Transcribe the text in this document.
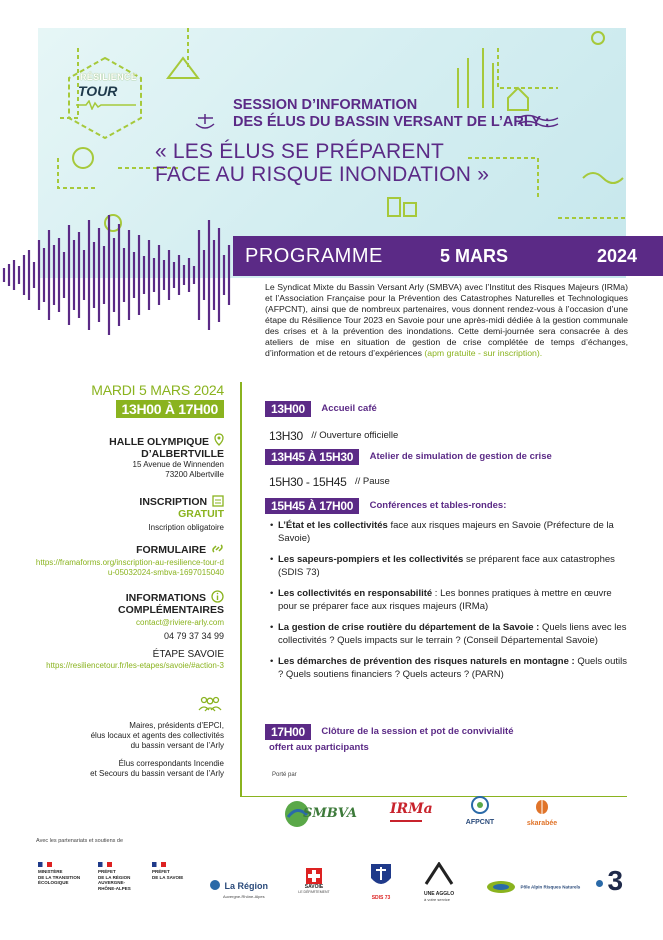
RÉSILIENCE
TOUR
SESSION D’INFORMATION
DES ÉLUS DU BASSIN VERSANT DE L’ARLY :
« LES ÉLUS SE PRÉPARENT
FACE AU RISQUE INONDATION »
PROGRAMME	5 MARS	2024
Le Syndicat Mixte du Bassin Versant Arly (SMBVA) avec l’Institut des Risques Majeurs (IRMa) et l’Association Française pour la Prévention des Catastrophes Naturelles et Technologiques (AFPCNT), ainsi que de nombreux partenaires, vous donnent rendez-vous à l’occasion d’une étape du Résilience Tour 2023 en Savoie pour une après-midi dédiée à la gestion communale des crises et à la prévention des inondations. Cette demi-journée sera consacrée à des ateliers de mise en situation de gestion de crise complétée de temps d’échanges, d’information et de retours d’expériences (apm gratuite - sur inscription).
MARDI 5 MARS 2024
13H00 À 17H00
HALLE OLYMPIQUE
D’ALBERTVILLE
15 Avenue de Winnenden
73200 Albertville
INSCRIPTION
GRATUIT
Inscription obligatoire
FORMULAIRE
https://framaforms.org/inscription-au-resilience-tour-du-05032024-smbva-1697015040
INFORMATIONS
COMPLÉMENTAIRES
contact@riviere-arly.com
04 79 37 34 99
ÉTAPE SAVOIE
https://resiliencetour.fr/les-etapes/savoie/#action-3
Maires, présidents d’EPCI,
élus locaux et agents des collectivités
du bassin versant de l’Arly
Élus correspondants Incendie
et Secours du bassin versant de l’Arly
13H00 Accueil café
13H30 // Ouverture officielle
13H45 À 15H30 Atelier de simulation de gestion de crise
15H30 - 15H45 // Pause
15H45 À 17H00 Conférences et tables-rondes:
• L’État et les collectivités face aux risques majeurs en Savoie (Préfecture de la Savoie)
• Les sapeurs-pompiers et les collectivités se préparent face aux catastrophes (SDIS 73)
• Les collectivités en responsabilité : Les bonnes pratiques à mettre en œuvre pour se préparer face aux risques majeurs (IRMa)
• La gestion de crise routière du département de la Savoie : Quels liens avec les collectivités ? Quels impacts sur le terrain ? (Conseil Départemental Savoie)
• Les démarches de prévention des risques naturels en montagne : Quels outils ? Quels soutiens financiers ? Quels acteurs ? (PARN)
17H00 Clôture de la session et pot de convivialité
offert aux participants
Porté par
SMBVA IRMa
AFPCNT	skarabée
Avec les partenariats et soutiens de
MINISTÈRE
DE LA TRANSITION
ÉCOLOGIQUE
PRÉFET
DE LA RÉGION
AUVERGNE-
RHÔNE-ALPES
PRÉFET
DE LA SAVOIE
La Région
Auvergne-Rhône-Alpes
SAVOIE
LE DÉPARTEMENT
SDIS 73
UNE AGGLO
à votre service
Pôle Alpin Risques Naturels 3
